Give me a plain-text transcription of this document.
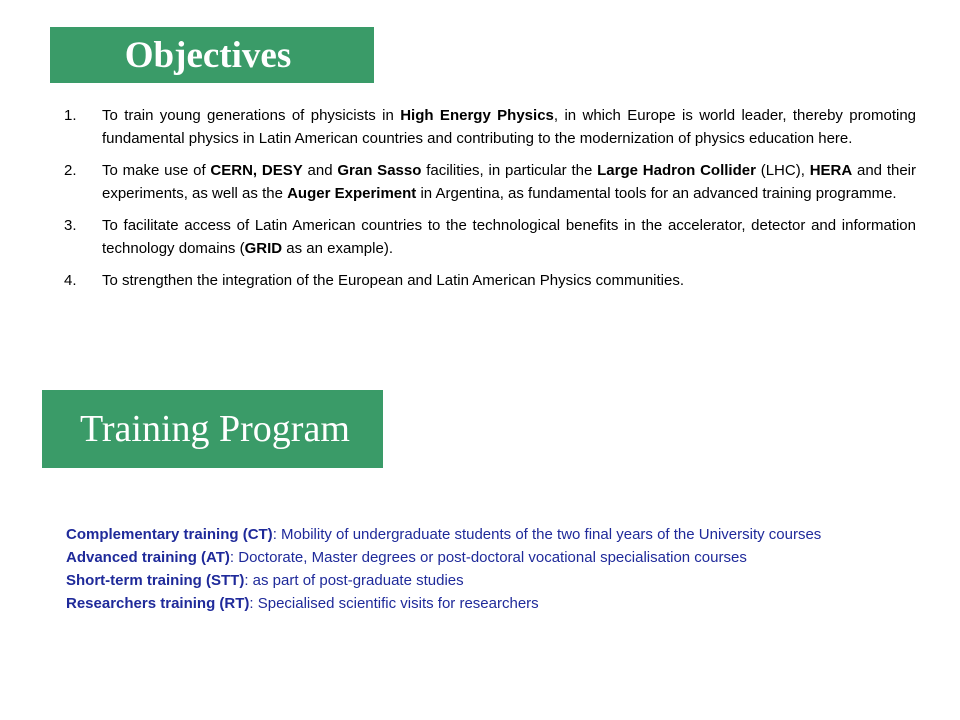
Objectives
1. To train young generations of physicists in High Energy Physics, in which Europe is world leader, thereby promoting fundamental physics in Latin American countries and contributing to the modernization of physics education here.
2. To make use of CERN, DESY and Gran Sasso facilities, in particular the Large Hadron Collider (LHC), HERA and their experiments, as well as the Auger Experiment in Argentina, as fundamental tools for an advanced training programme.
3. To facilitate access of Latin American countries to the technological benefits in the accelerator, detector and information technology domains (GRID as an example).
4. To strengthen the integration of the European and Latin American Physics communities.
Training Program

Complementary training (CT): Mobility of undergraduate students of the two final years of the University courses

Advanced training (AT): Doctorate, Master degrees or post-doctoral vocational specialisation courses

Short-term training (STT): as part of post-graduate studies

Researchers training (RT): Specialised scientific visits for researchers
